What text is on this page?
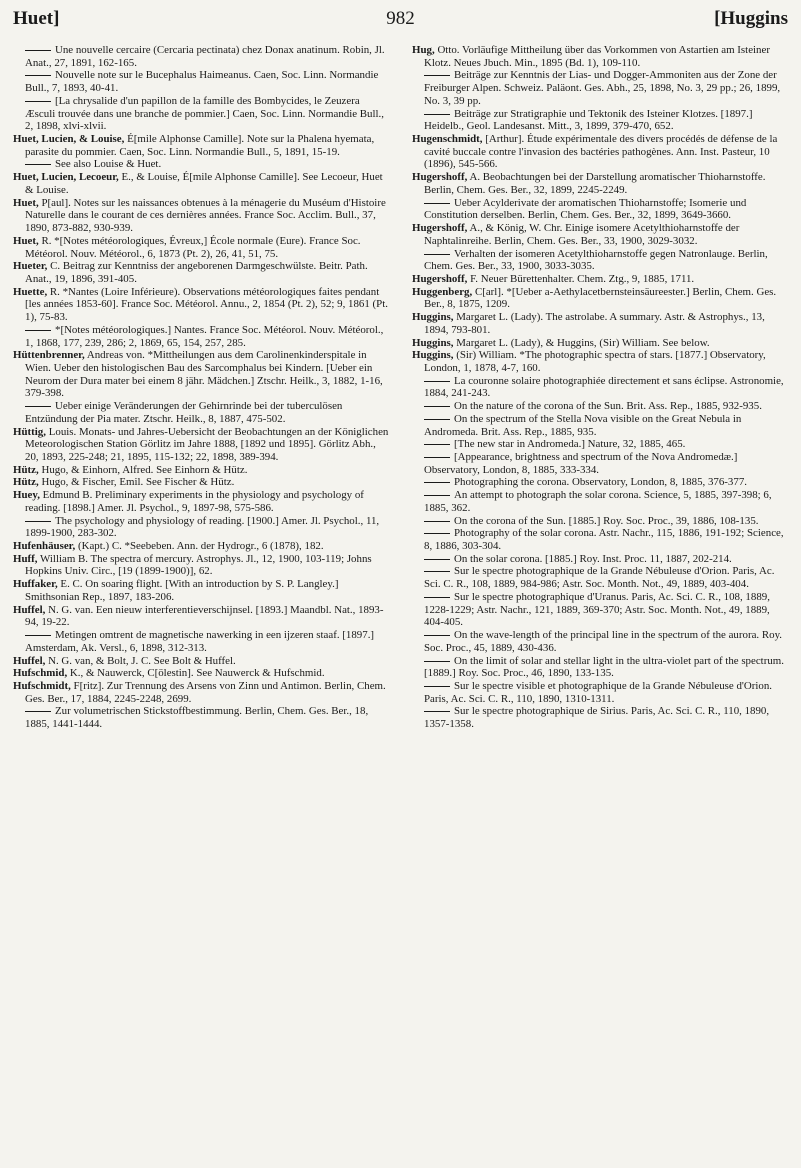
Huet]	982	[Huggins

Une nouvelle cercaire (Cercaria pectinata) chez Donax anatinum. Robin, Jl. Anat., 27, 1891, 162-165.

Nouvelle note sur le Bucephalus Haimeanus. Caen, Soc. Linn. Normandie Bull., 7, 1893, 40-41.

[La chrysalide d'un papillon de la famille des Bombycides, le Zeuzera Æsculi trouvée dans une branche de pommier.] Caen, Soc. Linn. Normandie Bull., 2, 1898, xlvi-xlvii.

Huet, Lucien, & Louise, É[mile Alphonse Camille]. Note sur la Phalena hyemata, parasite du pommier. Caen, Soc. Linn. Normandie Bull., 5, 1891, 15-19.

See also Louise & Huet.

Huet, Lucien, Lecoeur, E., & Louise, É[mile Alphonse Camille]. See Lecoeur, Huet & Louise.

Huet, P[aul]. Notes sur les naissances obtenues à la ménagerie du Muséum d'Histoire Naturelle dans le courant de ces dernières années. France Soc. Acclim. Bull., 37, 1890, 873-882, 930-939.

Huet, R. *[Notes météorologiques, Évreux,] École normale (Eure). France Soc. Météorol. Nouv. Météorol., 6, 1873 (Pt. 2), 26, 41, 51, 75.

Hueter, C. Beitrag zur Kenntniss der angeborenen Darmgeschwülste. Beitr. Path. Anat., 19, 1896, 391-405.

Huette, R. *Nantes (Loire Inférieure). Observations météorologiques faites pendant [les années 1853-60]. France Soc. Météorol. Annu., 2, 1854 (Pt. 2), 52; 9, 1861 (Pt. 1), 75-83.

*[Notes météorologiques.] Nantes. France Soc. Météorol. Nouv. Météorol., 1, 1868, 177, 239, 286; 2, 1869, 65, 154, 257, 285.

Hüttenbrenner, Andreas von. *Mittheilungen aus dem Carolinenkinderspitale in Wien. Ueber den histologischen Bau des Sarcomphalus bei Kindern. [Ueber ein Neurom der Dura mater bei einem 8 jähr. Mädchen.] Ztschr. Heilk., 3, 1882, 1-16, 379-398.

Ueber einige Veränderungen der Gehirnrinde bei der tuberculösen Entzündung der Pia mater. Ztschr. Heilk., 8, 1887, 475-502.

Hüttig, Louis. Monats- und Jahres-Uebersicht der Beobachtungen an der Königlichen Meteorologischen Station Görlitz im Jahre 1888, [1892 und 1895]. Görlitz Abh., 20, 1893, 225-248; 21, 1895, 115-132; 22, 1898, 389-394.

Hütz, Hugo, & Einhorn, Alfred. See Einhorn & Hütz.

Hütz, Hugo, & Fischer, Emil. See Fischer & Hütz.

Huey, Edmund B. Preliminary experiments in the physiology and psychology of reading. [1898.] Amer. Jl. Psychol., 9, 1897-98, 575-586.

The psychology and physiology of reading. [1900.] Amer. Jl. Psychol., 11, 1899-1900, 283-302.

Hufenhäuser, (Kapt.) C. *Seebeben. Ann. der Hydrogr., 6 (1878), 182.

Huff, William B. The spectra of mercury. Astrophys. Jl., 12, 1900, 103-119; Johns Hopkins Univ. Circ., [19 (1899-1900)], 62.

Huffaker, E. C. On soaring flight. [With an introduction by S. P. Langley.] Smithsonian Rep., 1897, 183-206.

Huffel, N. G. van. Een nieuw interferentieverschijnsel. [1893.] Maandbl. Nat., 1893-94, 19-22.

Metingen omtrent de magnetische nawerking in een ijzeren staaf. [1897.] Amsterdam, Ak. Versl., 6, 1898, 312-313.

Huffel, N. G. van, & Bolt, J. C. See Bolt & Huffel.

Hufschmid, K., & Nauwerck, C[ölestin]. See Nauwerck & Hufschmid.

Hufschmidt, F[ritz]. Zur Trennung des Arsens von Zinn und Antimon. Berlin, Chem. Ges. Ber., 17, 1884, 2245-2248, 2699.

Zur volumetrischen Stickstoffbestimmung. Berlin, Chem. Ges. Ber., 18, 1885, 1441-1444.

Hug, Otto. Vorläufige Mittheilung über das Vorkommen von Astartien am Isteiner Klotz. Neues Jbuch. Min., 1895 (Bd. 1), 109-110.

Beiträge zur Kenntnis der Lias- und Dogger-Ammoniten aus der Zone der Freiburger Alpen. Schweiz. Paläont. Ges. Abh., 25, 1898, No. 3, 29 pp.; 26, 1899, No. 3, 39 pp.

Beiträge zur Stratigraphie und Tektonik des Isteiner Klotzes. [1897.] Heidelb., Geol. Landesanst. Mitt., 3, 1899, 379-470, 652.

Hugenschmidt, [Arthur]. Étude expérimentale des divers procédés de défense de la cavité buccale contre l'invasion des bactéries pathogènes. Ann. Inst. Pasteur, 10 (1896), 545-566.

Hugershoff, A. Beobachtungen bei der Darstellung aromatischer Thioharnstoffe. Berlin, Chem. Ges. Ber., 32, 1899, 2245-2249.

Ueber Acylderivate der aromatischen Thioharnstoffe; Isomerie und Constitution derselben. Berlin, Chem. Ges. Ber., 32, 1899, 3649-3660.

Hugershoff, A., & König, W. Chr. Einige isomere Acetylthioharnstoffe der Naphtalinreihe. Berlin, Chem. Ges. Ber., 33, 1900, 3029-3032.

Verhalten der isomeren Acetylthioharnstoffe gegen Natronlauge. Berlin, Chem. Ges. Ber., 33, 1900, 3033-3035.

Hugershoff, F. Neuer Bürettenhalter. Chem. Ztg., 9, 1885, 1711.

Huggenberg, C[arl]. *[Ueber a-Aethylacetbernsteinsäureester.] Berlin, Chem. Ges. Ber., 8, 1875, 1209.

Huggins, Margaret L. (Lady). The astrolabe. A summary. Astr. & Astrophys., 13, 1894, 793-801.

Huggins, Margaret L. (Lady), & Huggins, (Sir) William. See below.

Huggins, (Sir) William. *The photographic spectra of stars. [1877.] Observatory, London, 1, 1878, 4-7, 160.

La couronne solaire photographiée directement et sans éclipse. Astronomie, 1884, 241-243.

On the nature of the corona of the Sun. Brit. Ass. Rep., 1885, 932-935.

On the spectrum of the Stella Nova visible on the Great Nebula in Andromeda. Brit. Ass. Rep., 1885, 935.

[The new star in Andromeda.] Nature, 32, 1885, 465.

[Appearance, brightness and spectrum of the Nova Andromedæ.] Observatory, London, 8, 1885, 333-334.

Photographing the corona. Observatory, London, 8, 1885, 376-377.

An attempt to photograph the solar corona. Science, 5, 1885, 397-398; 6, 1885, 362.

On the corona of the Sun. [1885.] Roy. Soc. Proc., 39, 1886, 108-135.

Photography of the solar corona. Astr. Nachr., 115, 1886, 191-192; Science, 8, 1886, 303-304.

On the solar corona. [1885.] Roy. Inst. Proc. 11, 1887, 202-214.

Sur le spectre photographique de la Grande Nébuleuse d'Orion. Paris, Ac. Sci. C. R., 108, 1889, 984-986; Astr. Soc. Month. Not., 49, 1889, 403-404.

Sur le spectre photographique d'Uranus. Paris, Ac. Sci. C. R., 108, 1889, 1228-1229; Astr. Nachr., 121, 1889, 369-370; Astr. Soc. Month. Not., 49, 1889, 404-405.

On the wave-length of the principal line in the spectrum of the aurora. Roy. Soc. Proc., 45, 1889, 430-436.

On the limit of solar and stellar light in the ultra-violet part of the spectrum. [1889.] Roy. Soc. Proc., 46, 1890, 133-135.

Sur le spectre visible et photographique de la Grande Nébuleuse d'Orion. Paris, Ac. Sci. C. R., 110, 1890, 1310-1311.

Sur le spectre photographique de Sirius. Paris, Ac. Sci. C. R., 110, 1890, 1357-1358.
